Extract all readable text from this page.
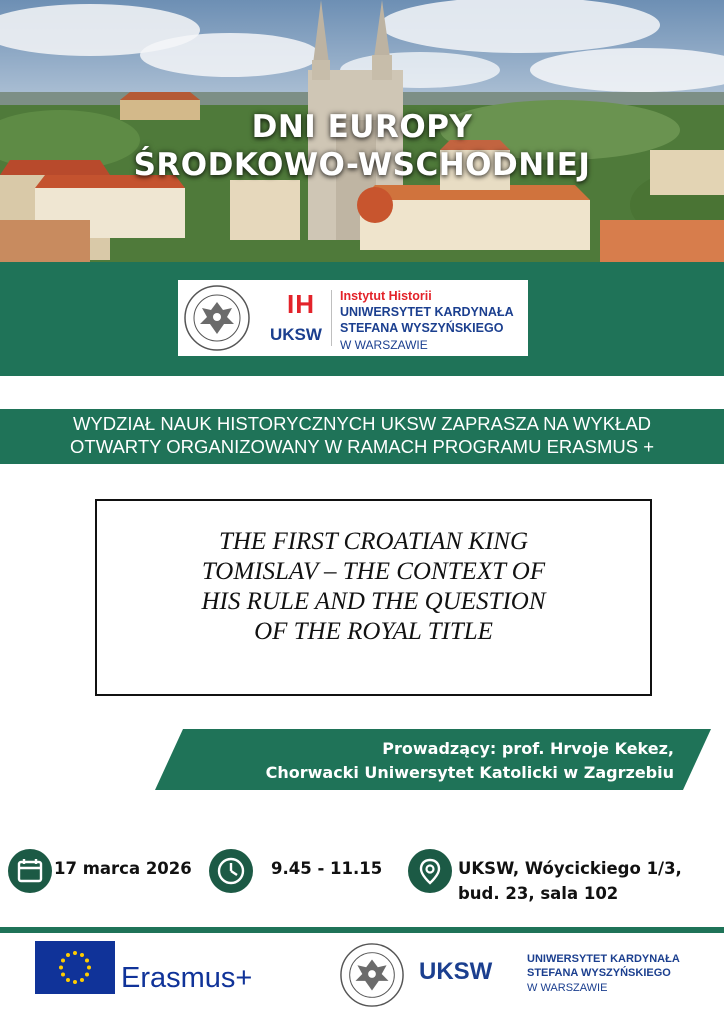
DNI EUROPY
ŚRODKOWO-WSCHODNIEJ
IH
UKSW
Instytut Historii
UNIWERSYTET KARDYNAŁA
STEFANA WYSZYŃSKIEGO
W WARSZAWIE
WYDZIAŁ NAUK HISTORYCZNYCH UKSW ZAPRASZA NA WYKŁAD
OTWARTY ORGANIZOWANY W RAMACH PROGRAMU ERASMUS +
THE FIRST CROATIAN KING
TOMISLAV – THE CONTEXT OF
HIS RULE AND THE QUESTION
OF THE ROYAL TITLE
Prowadzący: prof. Hrvoje Kekez,
Chorwacki Uniwersytet Katolicki w Zagrzebiu
17 marca 2026	9.45 - 11.15	UKSW, Wóycickiego 1/3,
bud. 23, sala 102
Erasmus+	UKSW	UNIWERSYTET KARDYNAŁA
STEFANA WYSZYŃSKIEGO
W WARSZAWIE
